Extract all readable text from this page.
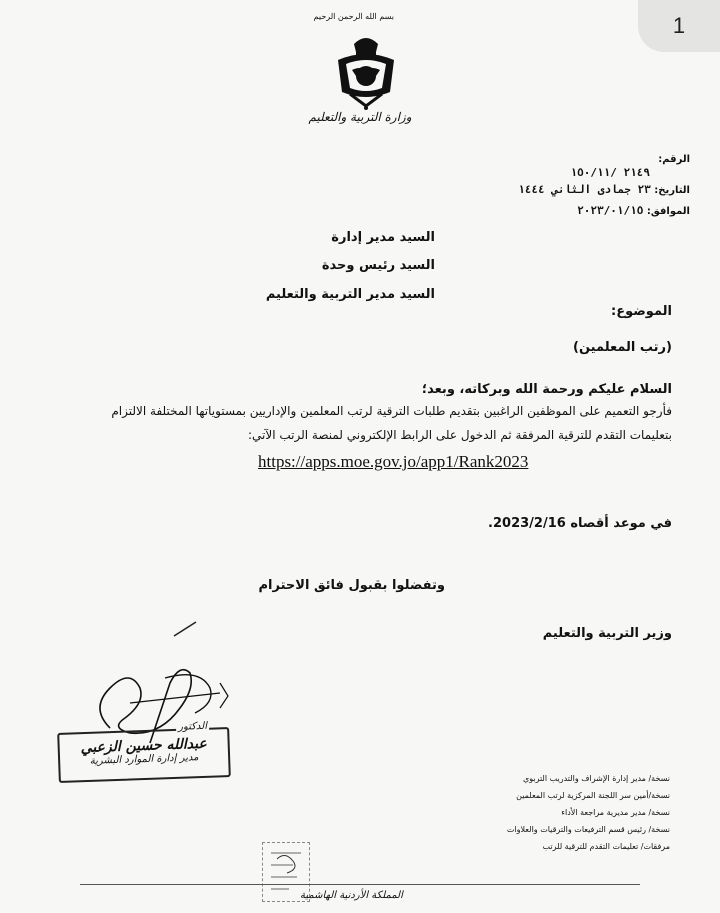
1
بسم الله الرحمن الرحيم
وزارة التربية والتعليم
الرقم:
٢١٤٩ /١٥٠/١١
التاريخ: ٢٣ جمادى الثاني ١٤٤٤
الموافق: ٢٠٢٣/٠١/١٥
السيد مدير إدارة
السيد رئيس وحدة
السيد مدير التربية والتعليم
الموضوع:
(رتب المعلمين)
السلام عليكم ورحمة الله وبركاته، وبعد؛
فأرجو التعميم على الموظفين الراغبين بتقديم طلبات الترقية لرتب المعلمين والإداريين بمستوياتها المختلفة الالتزام
بتعليمات التقدم للترقية المرفقة ثم الدخول على الرابط الإلكتروني لمنصة الرتب الآتي:
https://apps.moe.gov.jo/app1/Rank2023
في موعد أقصاه 2023/2/16.
وتفضلوا بقبول فائق الاحترام
وزير التربية والتعليم
الدكتور
عبدالله حسين الزعبي
مدير إدارة الموارد البشرية
نسخة/ مدير إدارة الإشراف والتدريب التربوي
نسخة/أمين سر اللجنة المركزية لرتب المعلمين
نسخة/ مدير مديرية مراجعة الأداء
نسخة/ رئيس قسم الترفيعات والترقيات والعلاوات
مرفقات/ تعليمات التقدم للترقية للرتب
المملكة الأردنية الهاشمية
